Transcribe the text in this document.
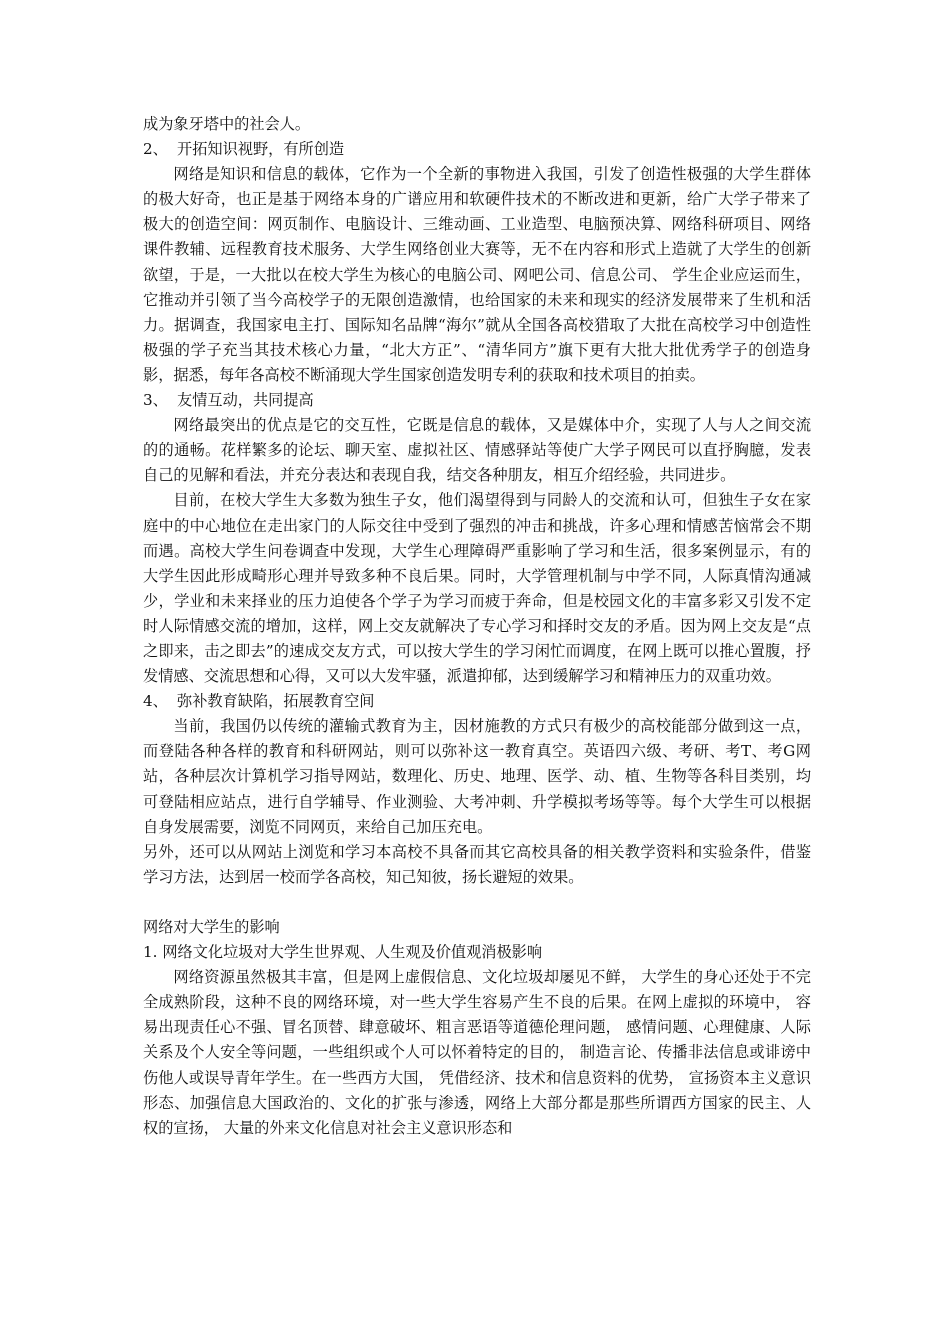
成为象牙塔中的社会人。

2、 开拓知识视野，有所创造

网络是知识和信息的载体，它作为一个全新的事物进入我国，引发了创造性极强的大学生群体的极大好奇，也正是基于网络本身的广谱应用和软硬件技术的不断改进和更新，给广大学子带来了极大的创造空间：网页制作、电脑设计、三维动画、工业造型、电脑预决算、网络科研项目、网络课件教辅、远程教育技术服务、大学生网络创业大赛等，无不在内容和形式上造就了大学生的创新欲望，于是，一大批以在校大学生为核心的电脑公司、网吧公司、信息公司、 学生企业应运而生，它推动并引领了当今高校学子的无限创造激情，也给国家的未来和现实的经济发展带来了生机和活力。据调查，我国家电主打、国际知名品牌“海尔”就从全国各高校猎取了大批在高校学习中创造性极强的学子充当其技术核心力量，“北大方正”、“清华同方”旗下更有大批大批优秀学子的创造身影，据悉，每年各高校不断涌现大学生国家创造发明专利的获取和技术项目的拍卖。

3、 友情互动，共同提高

网络最突出的优点是它的交互性，它既是信息的载体，又是媒体中介，实现了人与人之间交流的的通畅。花样繁多的论坛、聊天室、虚拟社区、情感驿站等使广大学子网民可以直抒胸臆，发表自己的见解和看法，并充分表达和表现自我，结交各种朋友，相互介绍经验，共同进步。

目前，在校大学生大多数为独生子女，他们渴望得到与同龄人的交流和认可，但独生子女在家庭中的中心地位在走出家门的人际交往中受到了强烈的冲击和挑战，许多心理和情感苦恼常会不期而遇。高校大学生问卷调查中发现，大学生心理障碍严重影响了学习和生活，很多案例显示，有的大学生因此形成畸形心理并导致多种不良后果。同时，大学管理机制与中学不同，人际真情沟通减少，学业和未来择业的压力迫使各个学子为学习而疲于奔命，但是校园文化的丰富多彩又引发不定时人际情感交流的增加，这样，网上交友就解决了专心学习和择时交友的矛盾。因为网上交友是“点之即来，击之即去”的速成交友方式，可以按大学生的学习闲忙而调度，在网上既可以推心置腹，抒发情感、交流思想和心得，又可以大发牢骚，派遣抑郁，达到缓解学习和精神压力的双重功效。

4、 弥补教育缺陷，拓展教育空间

当前，我国仍以传统的灌输式教育为主，因材施教的方式只有极少的高校能部分做到这一点，而登陆各种各样的教育和科研网站，则可以弥补这一教育真空。英语四六级、考研、考T、考G网站，各种层次计算机学习指导网站，数理化、历史、地理、医学、动、植、生物等各科目类别，均可登陆相应站点，进行自学辅导、作业测验、大考冲刺、升学模拟考场等等。每个大学生可以根据自身发展需要，浏览不同网页，来给自己加压充电。

另外，还可以从网站上浏览和学习本高校不具备而其它高校具备的相关教学资料和实验条件，借鉴学习方法，达到居一校而学各高校，知己知彼，扬长避短的效果。

网络对大学生的影响

1. 网络文化垃圾对大学生世界观、人生观及价值观消极影响

网络资源虽然极其丰富，但是网上虚假信息、文化垃圾却屡见不鲜， 大学生的身心还处于不完全成熟阶段，这种不良的网络环境，对一些大学生容易产生不良的后果。在网上虚拟的环境中， 容易出现责任心不强、冒名顶替、肆意破坏、粗言恶语等道德伦理问题， 感情问题、心理健康、人际关系及个人安全等问题，一些组织或个人可以怀着特定的目的， 制造言论、传播非法信息或诽谤中伤他人或误导青年学生。在一些西方大国， 凭借经济、技术和信息资料的优势， 宣扬资本主义意识形态、加强信息大国政治的、文化的扩张与渗透，网络上大部分都是那些所谓西方国家的民主、人权的宣扬， 大量的外来文化信息对社会主义意识形态和
